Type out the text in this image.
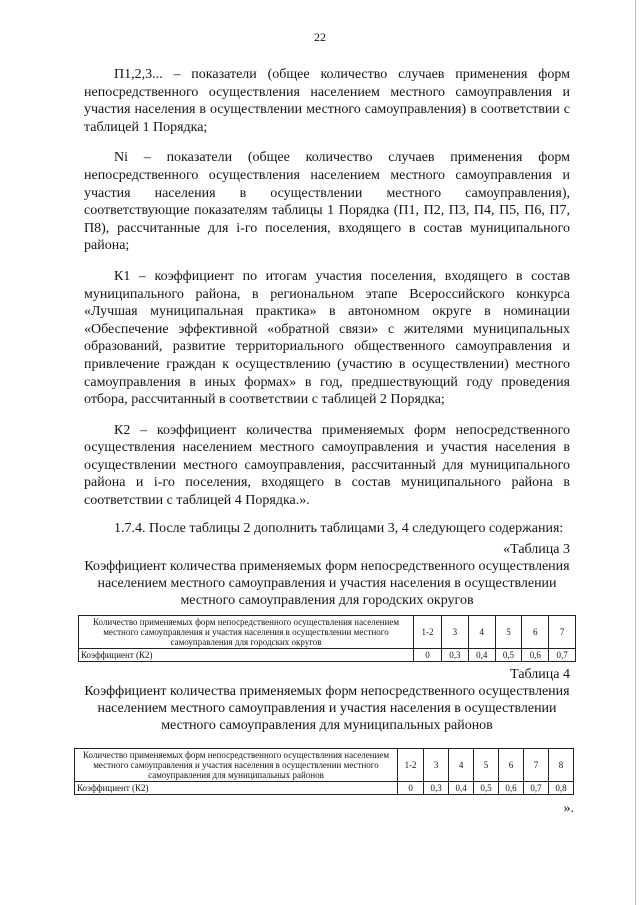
22

П1,2,3... – показатели (общее количество случаев применения форм непосредственного осуществления населением местного самоуправления и участия населения в осуществлении местного самоуправления) в соответствии с таблицей 1 Порядка;

Ni – показатели (общее количество случаев применения форм непосредственного осуществления населением местного самоуправления и участия населения в осуществлении местного самоуправления), соответствующие показателям таблицы 1 Порядка (П1, П2, П3, П4, П5, П6, П7, П8), рассчитанные для i-го поселения, входящего в состав муниципального района;

К1 – коэффициент по итогам участия поселения, входящего в состав муниципального района, в региональном этапе Всероссийского конкурса «Лучшая муниципальная практика» в автономном округе в номинации «Обеспечение эффективной «обратной связи» с жителями муниципальных образований, развитие территориального общественного самоуправления и привлечение граждан к осуществлению (участию в осуществлении) местного самоуправления в иных формах» в год, предшествующий году проведения отбора, рассчитанный в соответствии с таблицей 2 Порядка;

К2 – коэффициент количества применяемых форм непосредственного осуществления населением местного самоуправления и участия населения в осуществлении местного самоуправления, рассчитанный для муниципального района и i-го поселения, входящего в состав муниципального района в соответствии с таблицей 4 Порядка.».

1.7.4. После таблицы 2 дополнить таблицами 3, 4 следующего содержания:

«Таблица 3
Коэффициент количества применяемых форм непосредственного осуществления населением местного самоуправления и участия населения в осуществлении местного самоуправления для городских округов
Количество применяемых форм непосредственного осуществления населением местного самоуправления и участия населения в осуществлении местного самоуправления для городских округов	1-2	3	4	5	6	7
Коэффициент (К2)	0	0,3	0,4	0,5	0,6	0,7
Таблица 4
Коэффициент количества применяемых форм непосредственного осуществления населением местного самоуправления и участия населения в осуществлении местного самоуправления для муниципальных районов
Количество применяемых форм непосредственного осуществления населением местного самоуправления и участия населения в осуществлении местного самоуправления для муниципальных районов	1-2	3	4	5	6	7	8
Коэффициент (К2)	0	0,3	0,4	0,5	0,6	0,7	0,8
».
